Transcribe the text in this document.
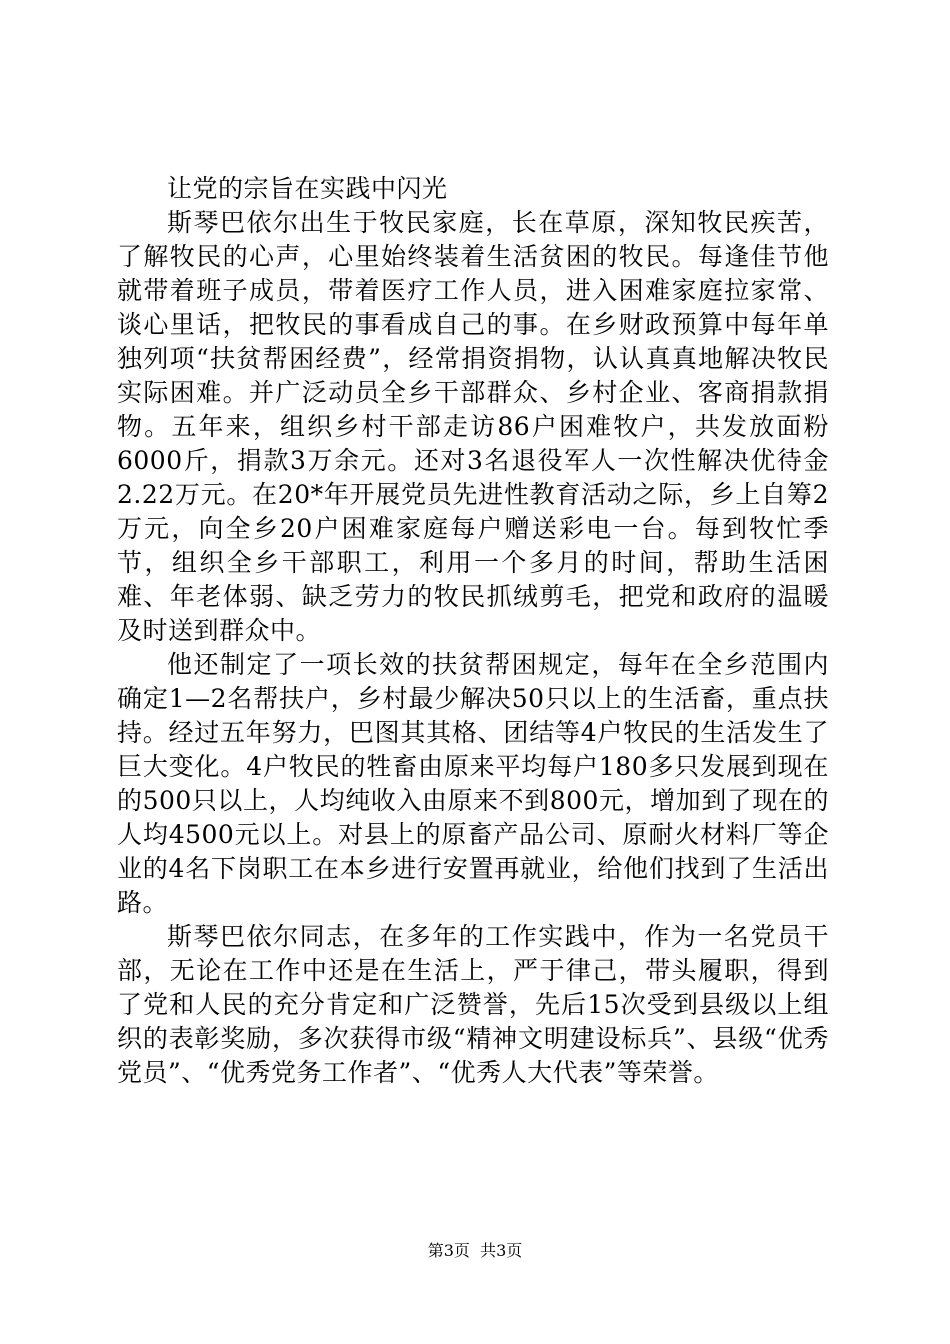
让党的宗旨在实践中闪光

斯琴巴依尔出生于牧民家庭，长在草原，深知牧民疾苦，了解牧民的心声，心里始终装着生活贫困的牧民。每逢佳节他就带着班子成员，带着医疗工作人员，进入困难家庭拉家常、谈心里话，把牧民的事看成自己的事。在乡财政预算中每年单独列项“扶贫帮困经费”，经常捐资捐物，认认真真地解决牧民实际困难。并广泛动员全乡干部群众、乡村企业、客商捐款捐物。五年来，组织乡村干部走访86户困难牧户，共发放面粉6000斤，捐款3万余元。还对3名退役军人一次性解决优待金2.22万元。在20*年开展党员先进性教育活动之际，乡上自筹2万元，向全乡20户困难家庭每户赠送彩电一台。每到牧忙季节，组织全乡干部职工，利用一个多月的时间，帮助生活困难、年老体弱、缺乏劳力的牧民抓绒剪毛，把党和政府的温暖及时送到群众中。

他还制定了一项长效的扶贫帮困规定，每年在全乡范围内确定1—2名帮扶户，乡村最少解决50只以上的生活畜，重点扶持。经过五年努力，巴图其其格、团结等4户牧民的生活发生了巨大变化。4户牧民的牲畜由原来平均每户180多只发展到现在的500只以上，人均纯收入由原来不到800元，增加到了现在的人均4500元以上。对县上的原畜产品公司、原耐火材料厂等企业的4名下岗职工在本乡进行安置再就业，给他们找到了生活出路。

斯琴巴依尔同志，在多年的工作实践中，作为一名党员干部，无论在工作中还是在生活上，严于律己，带头履职，得到了党和人民的充分肯定和广泛赞誉，先后15次受到县级以上组织的表彰奖励，多次获得市级“精神文明建设标兵”、县级“优秀党员”、“优秀党务工作者”、“优秀人大代表”等荣誉。

第3页  共3页
